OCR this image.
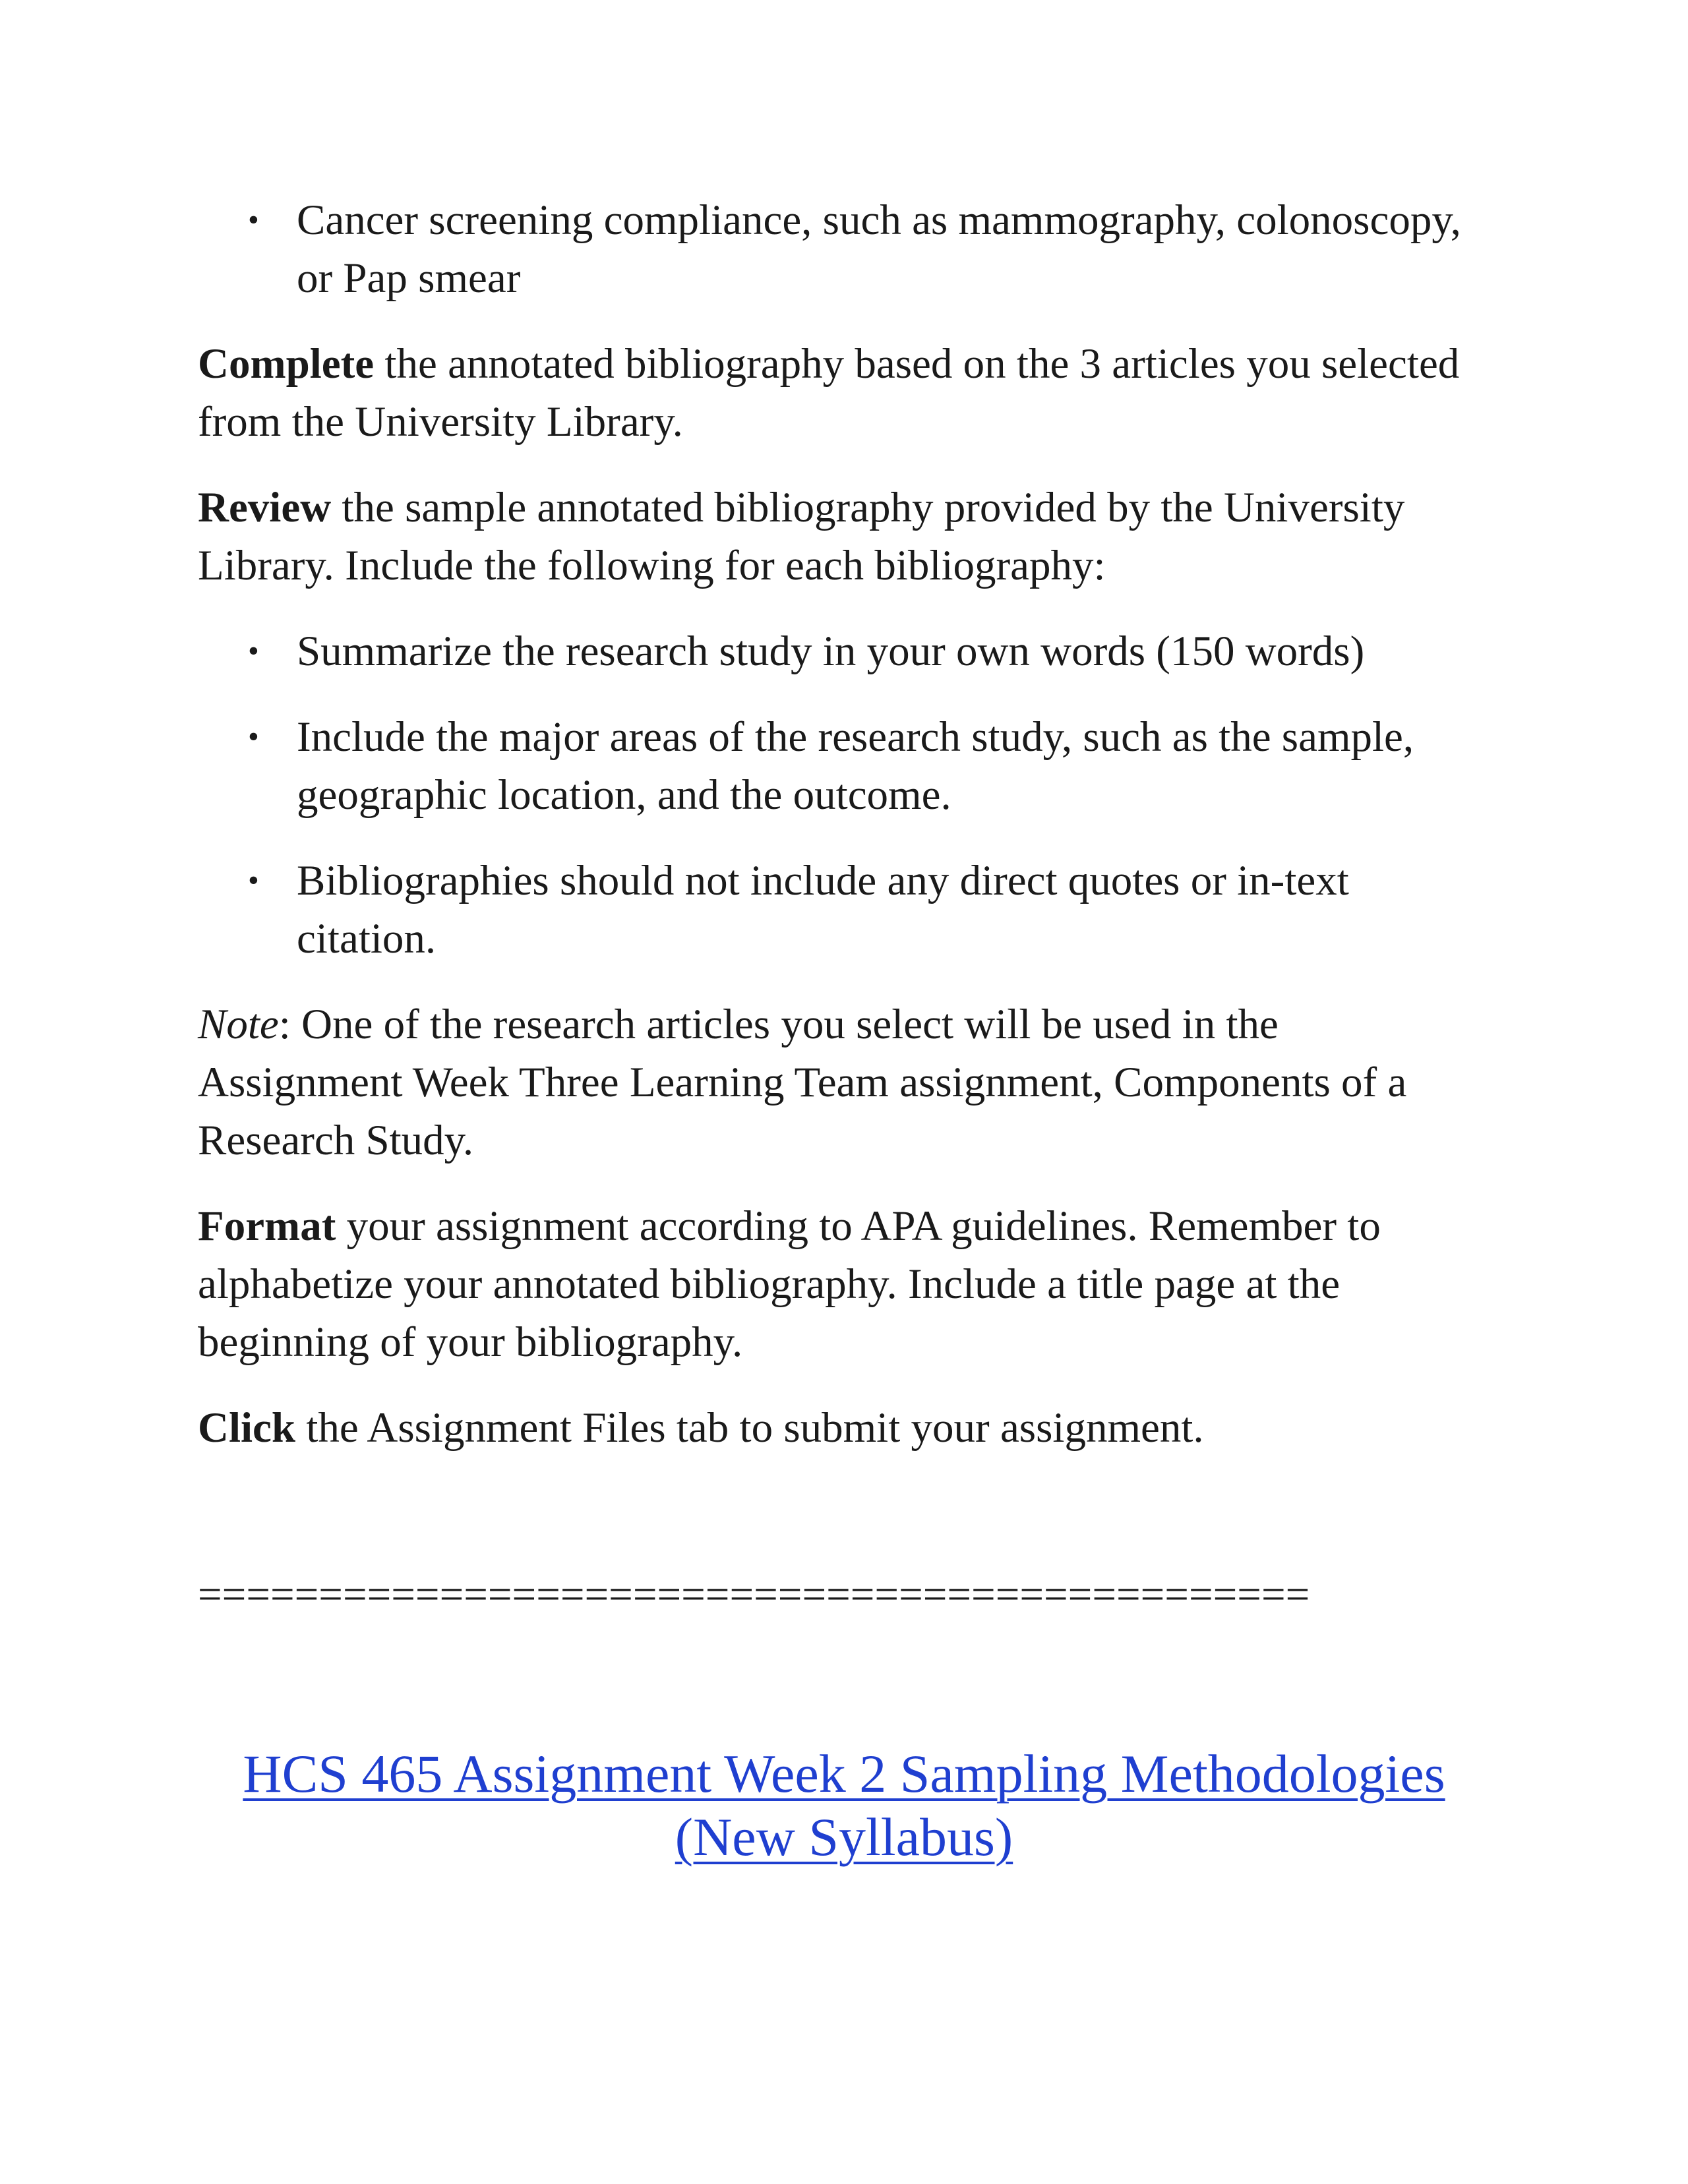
• Cancer screening compliance, such as mammography, colonoscopy, or Pap smear

Complete the annotated bibliography based on the 3 articles you selected from the University Library.

Review the sample annotated bibliography provided by the University Library. Include the following for each bibliography:

• Summarize the research study in your own words (150 words)
• Include the major areas of the research study, such as the sample, geographic location, and the outcome.
• Bibliographies should not include any direct quotes or in-text citation.

Note: One of the research articles you select will be used in the Assignment Week Three Learning Team assignment, Components of a Research Study.

Format your assignment according to APA guidelines. Remember to alphabetize your annotated bibliography. Include a title page at the beginning of your bibliography.

Click the Assignment Files tab to submit your assignment.

==============================================
HCS 465 Assignment Week 2 Sampling Methodologies
(New Syllabus)
